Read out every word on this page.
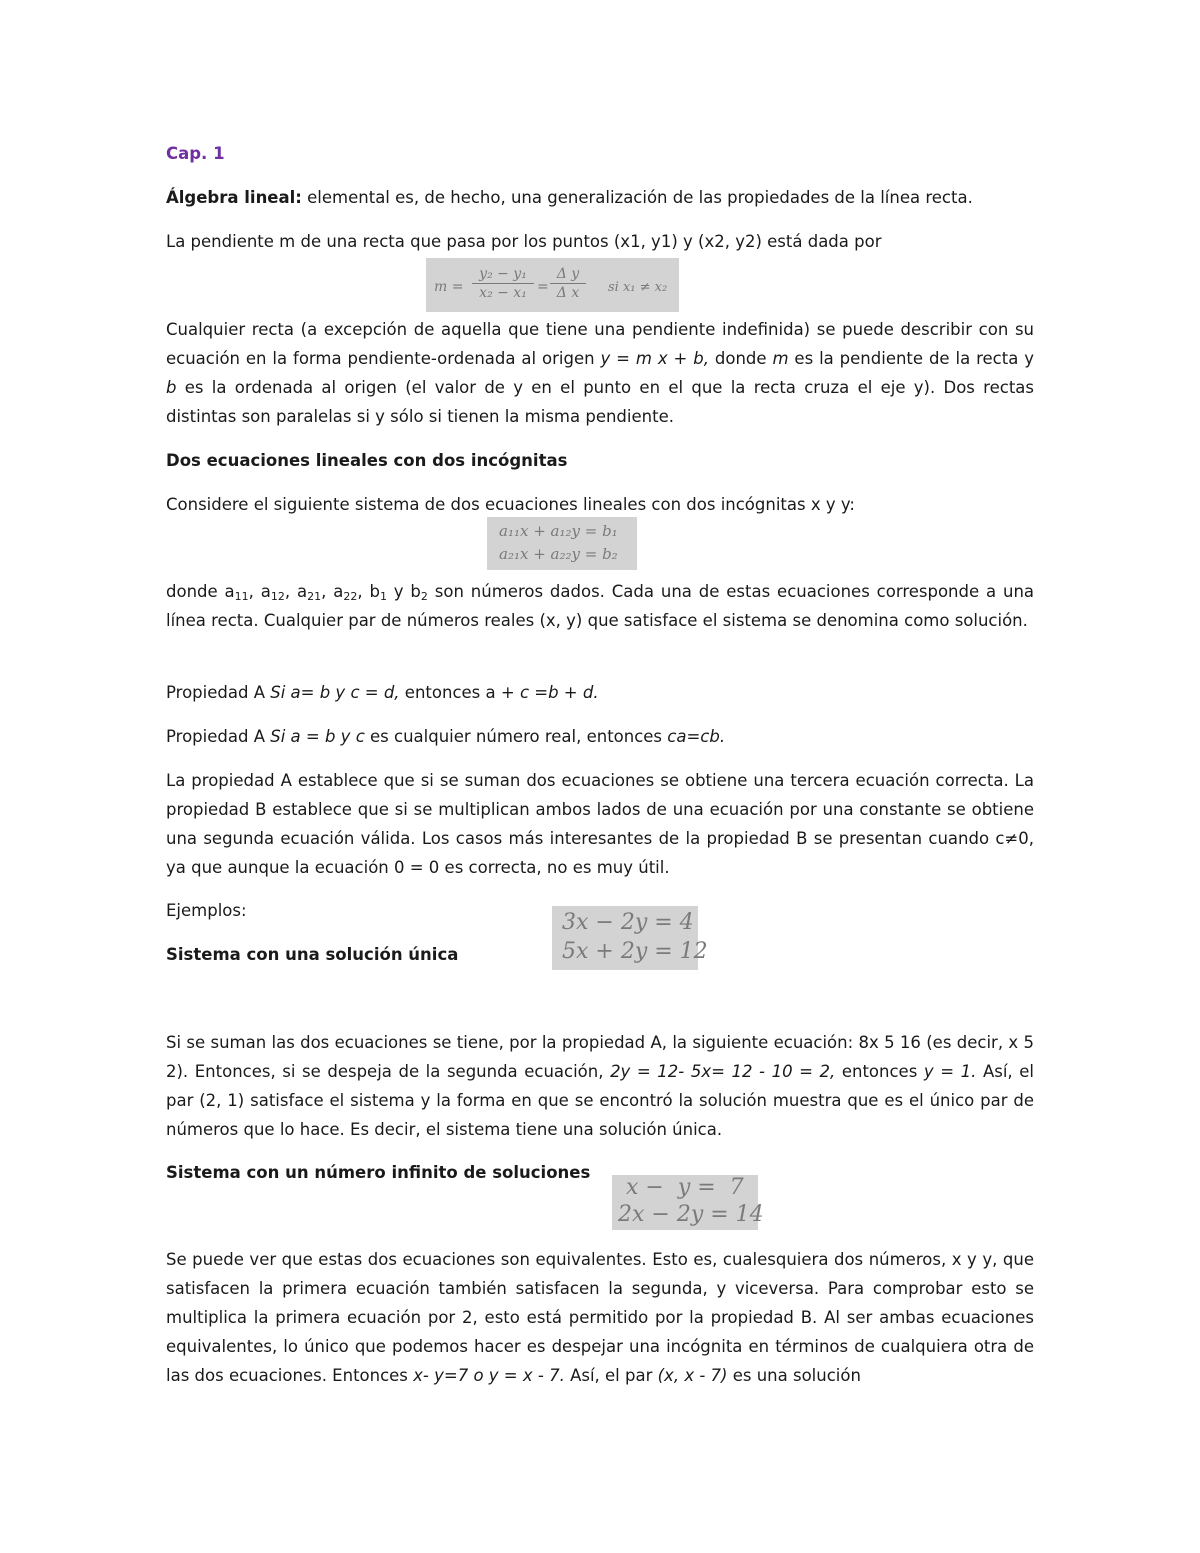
Cap. 1

Álgebra lineal: elemental es, de hecho, una generalización de las propiedades de la línea recta.

La pendiente m de una recta que pasa por los puntos (x1, y1) y (x2, y2) está dada por

m =
y₂ − y₁
x₂ − x₁ =
Δ y
Δ x	si x₁ ≠ x₂

Cualquier recta (a excepción de aquella que tiene una pendiente indefinida) se puede describir con su ecuación en la forma pendiente-ordenada al origen y = m x + b, donde m es la pendiente de la recta y b es la ordenada al origen (el valor de y en el punto en el que la recta cruza el eje y). Dos rectas distintas son paralelas si y sólo si tienen la misma pendiente.

Dos ecuaciones lineales con dos incógnitas

Considere el siguiente sistema de dos ecuaciones lineales con dos incógnitas x y y:

a₁₁x + a₁₂y = b₁
a₂₁x + a₂₂y = b₂

donde $a_{11}$, $a_{12}$, $a_{21}$, $a_{22}$, $b_1$ y $b_2$ son números dados. Cada una de estas ecuaciones corresponde a una línea recta. Cualquier par de números reales (x, y) que satisface el sistema se denomina como solución.

Propiedad A Si a= b y c = d, entonces a + c =b + d.

Propiedad A Si a = b y c es cualquier número real, entonces ca=cb.

La propiedad A establece que si se suman dos ecuaciones se obtiene una tercera ecuación correcta. La propiedad B establece que si se multiplican ambos lados de una ecuación por una constante se obtiene una segunda ecuación válida. Los casos más interesantes de la propiedad B se presentan cuando c≠0, ya que aunque la ecuación 0 = 0 es correcta, no es muy útil.

Ejemplos:

Sistema con una solución única

3x − 2y = 4
5x + 2y = 12

Si se suman las dos ecuaciones se tiene, por la propiedad A, la siguiente ecuación: 8x 5 16 (es decir, x 5 2). Entonces, si se despeja de la segunda ecuación, 2y = 12- 5x= 12 - 10 = 2, entonces y = 1. Así, el par (2, 1) satisface el sistema y la forma en que se encontró la solución muestra que es el único par de números que lo hace. Es decir, el sistema tiene una solución única.

Sistema con un número infinito de soluciones

x −  y =  7
2x − 2y = 14

Se puede ver que estas dos ecuaciones son equivalentes. Esto es, cualesquiera dos números, x y y, que satisfacen la primera ecuación también satisfacen la segunda, y viceversa. Para comprobar esto se multiplica la primera ecuación por 2, esto está permitido por la propiedad B. Al ser ambas ecuaciones equivalentes, lo único que podemos hacer es despejar una incógnita en términos de cualquiera otra de las dos ecuaciones. Entonces x- y=7 o y = x - 7. Así, el par (x, x - 7) es una solución
